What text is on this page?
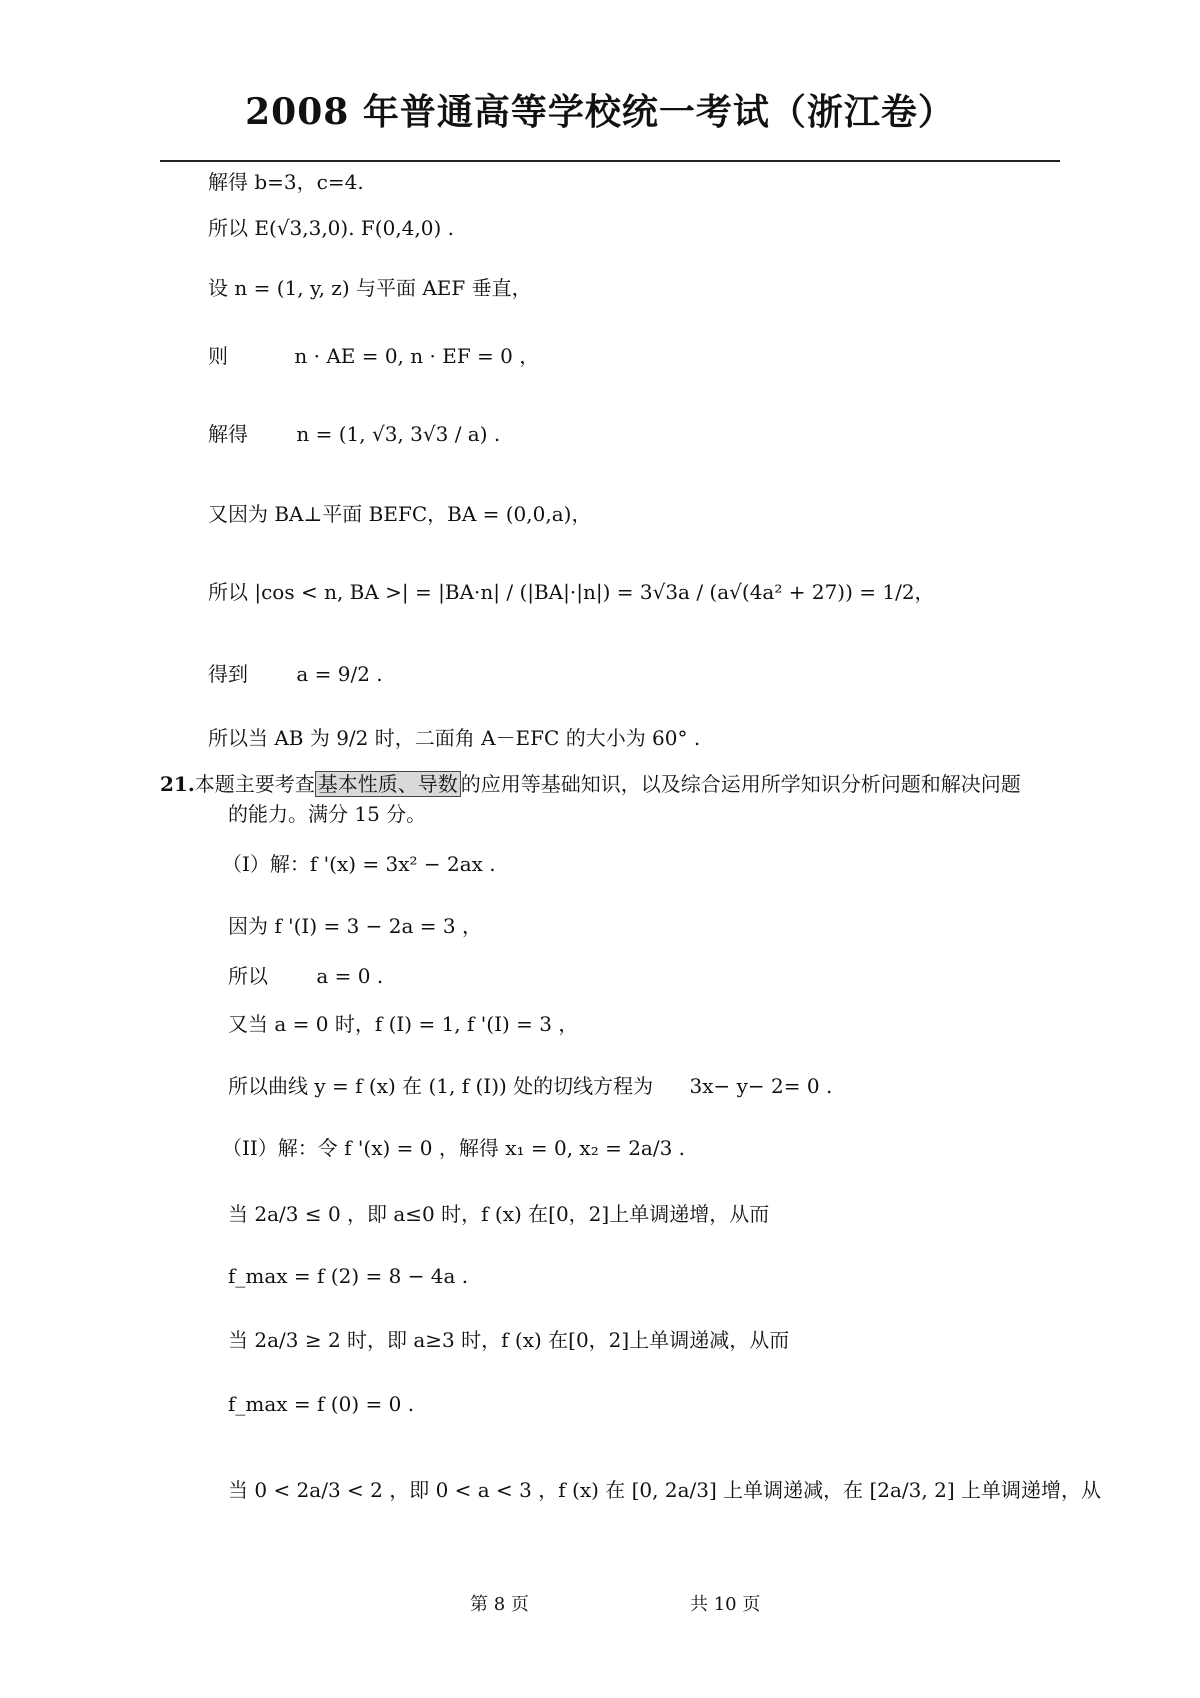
2008 年普通高等学校统一考试（浙江卷）
解得 b=3，c=4.
所以 E(√3,3,0). F(0,4,0) .
设 n = (1, y, z) 与平面 AEF 垂直，
则	n · AE = 0, n · EF = 0 ，
解得 n = (1, √3, 3√3 / a) .
又因为 BA⊥平面 BEFC，BA = (0,0,a)，
所以 |cos < n, BA >| = |BA·n| / (|BA|·|n|) = 3√3a / (a√(4a² + 27)) = 1/2，
得到 a = 9/2 .
所以当 AB 为 9/2 时，二面角 A－EFC 的大小为 60° .
21.本题主要考查 基本性质、导数 的应用等基础知识，以及综合运用所学知识分析问题和解决问题
的能力。满分 15 分。
（I）解：f '(x) = 3x² − 2ax .
因为 f '(I) = 3 − 2a = 3 ，
所以 a = 0 .
又当 a = 0 时，f (I) = 1, f '(I) = 3 ，
所以曲线 y = f (x) 在 (1, f (I)) 处的切线方程为 3x− y− 2= 0 .
（II）解：令 f '(x) = 0 ，解得 x₁ = 0, x₂ = 2a/3 .
当 2a/3 ≤ 0 ，即 a≤0 时，f (x) 在[0，2]上单调递增，从而
f_max = f (2) = 8 − 4a .
当 2a/3 ≥ 2 时，即 a≥3 时，f (x) 在[0，2]上单调递减，从而
f_max = f (0) = 0 .
当 0 < 2a/3 < 2 ，即 0 < a < 3 ，f (x) 在 [0, 2a/3] 上单调递减，在 [2a/3, 2] 上单调递增，从
第 8 页	共 10 页
